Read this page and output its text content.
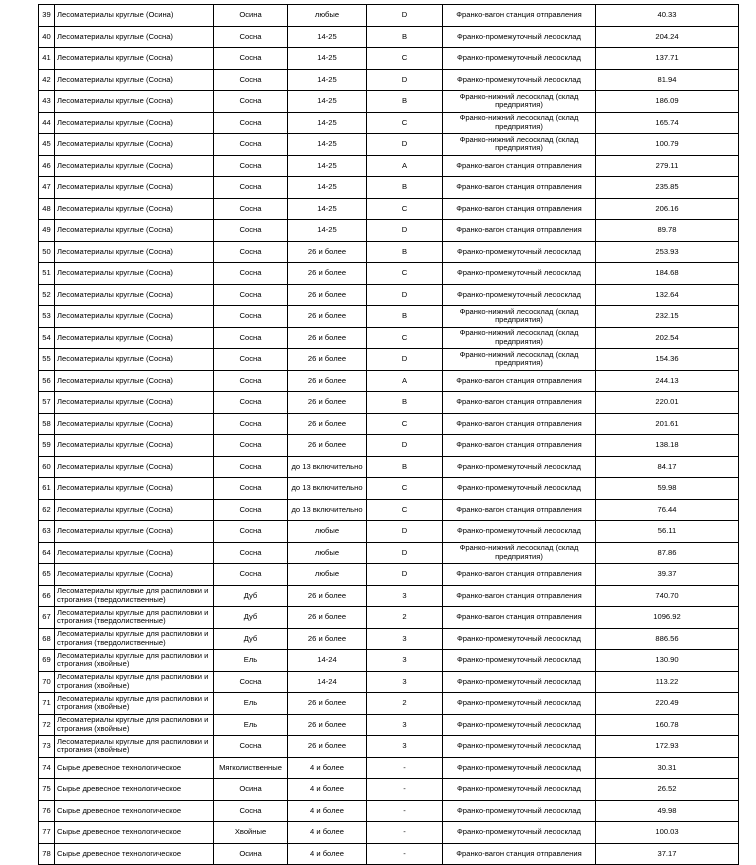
39	Лесоматериалы круглые (Осина)	Осина	любые	D	Франко-вагон станция отправления	40.33
40	Лесоматериалы круглые (Сосна)	Сосна	14-25	B	Франко-промежуточный лесосклад	204.24
41	Лесоматериалы круглые (Сосна)	Сосна	14-25	C	Франко-промежуточный лесосклад	137.71
42	Лесоматериалы круглые (Сосна)	Сосна	14-25	D	Франко-промежуточный лесосклад	81.94
43	Лесоматериалы круглые (Сосна)	Сосна	14-25	B	Франко-нижний лесосклад (склад предприятия)	186.09
44	Лесоматериалы круглые (Сосна)	Сосна	14-25	C	Франко-нижний лесосклад (склад предприятия)	165.74
45	Лесоматериалы круглые (Сосна)	Сосна	14-25	D	Франко-нижний лесосклад (склад предприятия)	100.79
46	Лесоматериалы круглые (Сосна)	Сосна	14-25	A	Франко-вагон станция отправления	279.11
47	Лесоматериалы круглые (Сосна)	Сосна	14-25	B	Франко-вагон станция отправления	235.85
48	Лесоматериалы круглые (Сосна)	Сосна	14-25	C	Франко-вагон станция отправления	206.16
49	Лесоматериалы круглые (Сосна)	Сосна	14-25	D	Франко-вагон станция отправления	89.78
50	Лесоматериалы круглые (Сосна)	Сосна	26 и более	B	Франко-промежуточный лесосклад	253.93
51	Лесоматериалы круглые (Сосна)	Сосна	26 и более	C	Франко-промежуточный лесосклад	184.68
52	Лесоматериалы круглые (Сосна)	Сосна	26 и более	D	Франко-промежуточный лесосклад	132.64
53	Лесоматериалы круглые (Сосна)	Сосна	26 и более	B	Франко-нижний лесосклад (склад предприятия)	232.15
54	Лесоматериалы круглые (Сосна)	Сосна	26 и более	C	Франко-нижний лесосклад (склад предприятия)	202.54
55	Лесоматериалы круглые (Сосна)	Сосна	26 и более	D	Франко-нижний лесосклад (склад предприятия)	154.36
56	Лесоматериалы круглые (Сосна)	Сосна	26 и более	A	Франко-вагон станция отправления	244.13
57	Лесоматериалы круглые (Сосна)	Сосна	26 и более	B	Франко-вагон станция отправления	220.01
58	Лесоматериалы круглые (Сосна)	Сосна	26 и более	C	Франко-вагон станция отправления	201.61
59	Лесоматериалы круглые (Сосна)	Сосна	26 и более	D	Франко-вагон станция отправления	138.18
60	Лесоматериалы круглые (Сосна)	Сосна	до 13 включительно	B	Франко-промежуточный лесосклад	84.17
61	Лесоматериалы круглые (Сосна)	Сосна	до 13 включительно	C	Франко-промежуточный лесосклад	59.98
62	Лесоматериалы круглые (Сосна)	Сосна	до 13 включительно	C	Франко-вагон станция отправления	76.44
63	Лесоматериалы круглые (Сосна)	Сосна	любые	D	Франко-промежуточный лесосклад	56.11
64	Лесоматериалы круглые (Сосна)	Сосна	любые	D	Франко-нижний лесосклад (склад предприятия)	87.86
65	Лесоматериалы круглые (Сосна)	Сосна	любые	D	Франко-вагон станция отправления	39.37
66	Лесоматериалы круглые для распиловки и строгания (твердолиственные)	Дуб	26 и более	3	Франко-вагон станция отправления	740.70
67	Лесоматериалы круглые для распиловки и строгания (твердолиственные)	Дуб	26 и более	2	Франко-вагон станция отправления	1096.92
68	Лесоматериалы круглые для распиловки и строгания (твердолиственные)	Дуб	26 и более	3	Франко-промежуточный лесосклад	886.56
69	Лесоматериалы круглые для распиловки и строгания (хвойные)	Ель	14-24	3	Франко-промежуточный лесосклад	130.90
70	Лесоматериалы круглые для распиловки и строгания (хвойные)	Сосна	14-24	3	Франко-промежуточный лесосклад	113.22
71	Лесоматериалы круглые для распиловки и строгания (хвойные)	Ель	26 и более	2	Франко-промежуточный лесосклад	220.49
72	Лесоматериалы круглые для распиловки и строгания (хвойные)	Ель	26 и более	3	Франко-промежуточный лесосклад	160.78
73	Лесоматериалы круглые для распиловки и строгания (хвойные)	Сосна	26 и более	3	Франко-промежуточный лесосклад	172.93
74	Сырье древесное технологическое	Мягколиственные	4 и более	-	Франко-промежуточный лесосклад	30.31
75	Сырье древесное технологическое	Осина	4 и более	-	Франко-промежуточный лесосклад	26.52
76	Сырье древесное технологическое	Сосна	4 и более	-	Франко-промежуточный лесосклад	49.98
77	Сырье древесное технологическое	Хвойные	4 и более	-	Франко-промежуточный лесосклад	100.03
78	Сырье древесное технологическое	Осина	4 и более	-	Франко-вагон станция отправления	37.17
